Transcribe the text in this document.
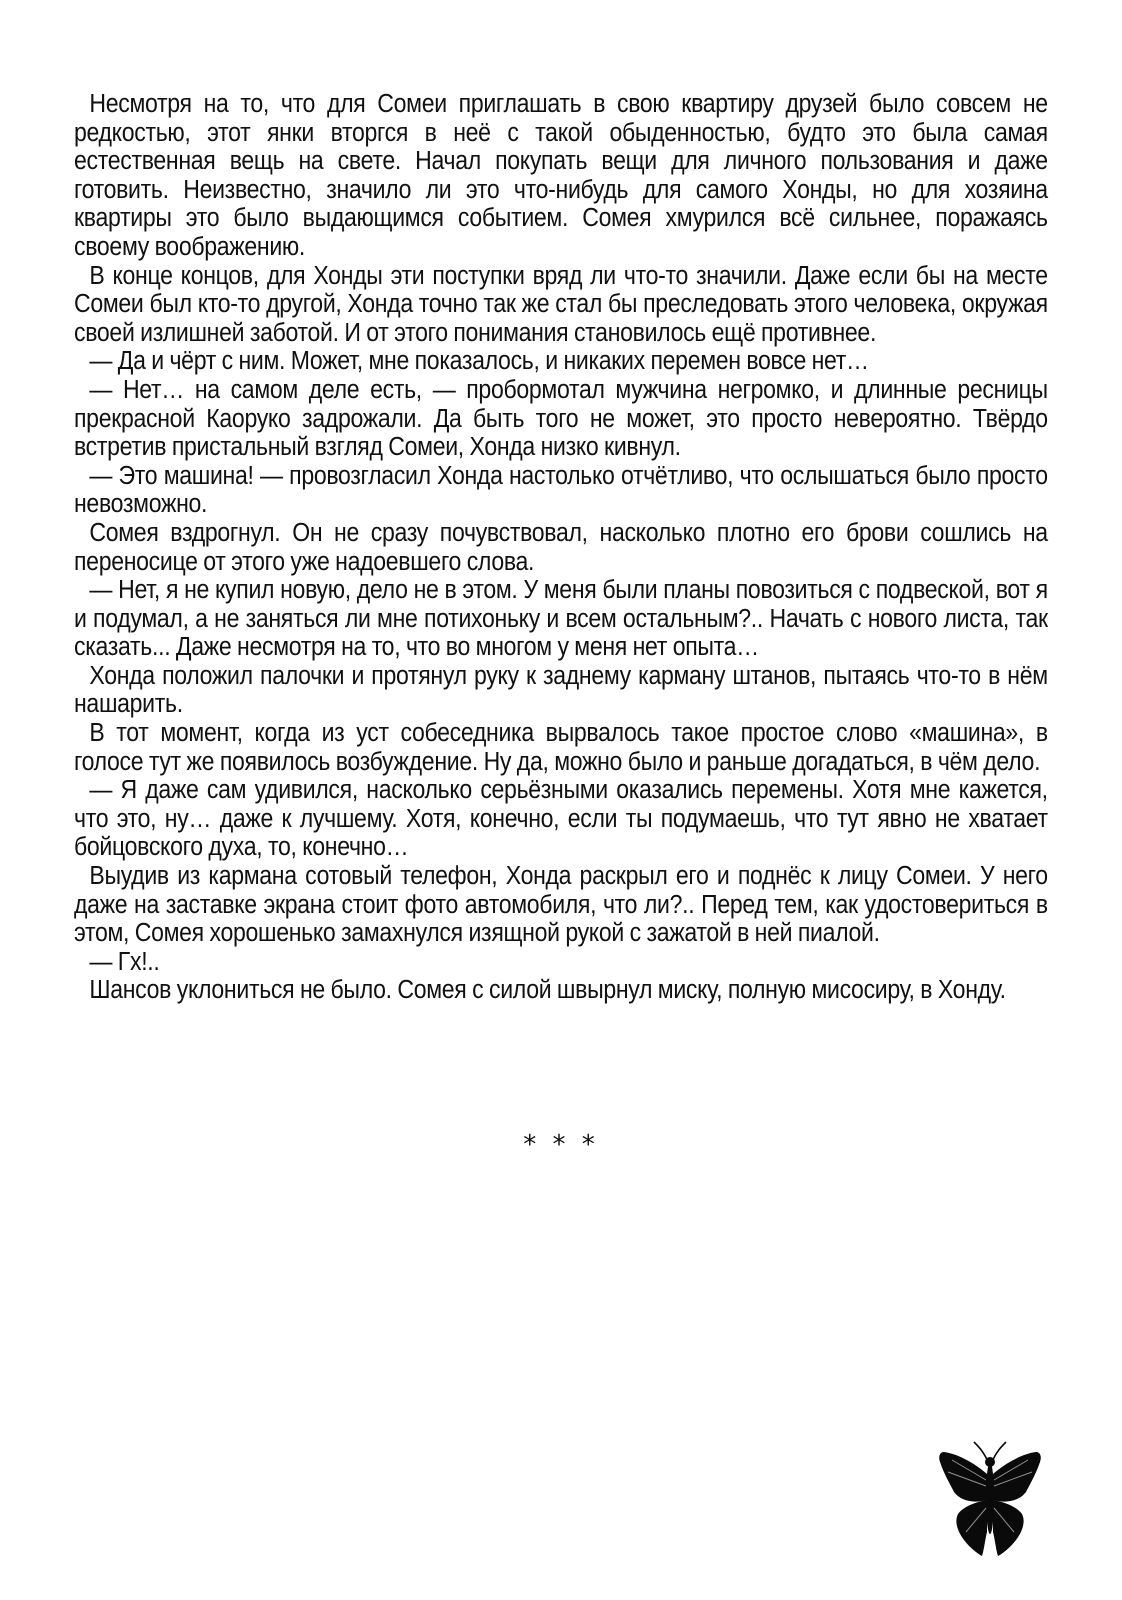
Несмотря на то, что для Сомеи приглашать в свою квартиру друзей было совсем не редкостью, этот янки вторгся в неё с такой обыденностью, будто это была самая естественная вещь на свете. Начал покупать вещи для личного пользования и даже готовить. Неизвестно, значило ли это что-нибудь для самого Хонды, но для хозяина квартиры это было выдающимся событием. Сомея хмурился всё сильнее, поражаясь своему воображению.

В конце концов, для Хонды эти поступки вряд ли что-то значили. Даже если бы на месте Сомеи был кто-то другой, Хонда точно так же стал бы преследовать этого человека, окружая своей излишней заботой. И от этого понимания становилось ещё противнее.

— Да и чёрт с ним. Может, мне показалось, и никаких перемен вовсе нет…

— Нет… на самом деле есть, — пробормотал мужчина негромко, и длинные ресницы прекрасной Каоруко задрожали. Да быть того не может, это просто невероятно. Твёрдо встретив пристальный взгляд Сомеи, Хонда низко кивнул.

— Это машина! — провозгласил Хонда настолько отчётливо, что ослышаться было просто невозможно.

Сомея вздрогнул. Он не сразу почувствовал, насколько плотно его брови сошлись на переносице от этого уже надоевшего слова.

— Нет, я не купил новую, дело не в этом. У меня были планы повозиться с подвеской, вот я и подумал, а не заняться ли мне потихоньку и всем остальным?.. Начать с нового листа, так сказать... Даже несмотря на то, что во многом у меня нет опыта…

Хонда положил палочки и протянул руку к заднему карману штанов, пытаясь что-то в нём нашарить.

В тот момент, когда из уст собеседника вырвалось такое простое слово «машина», в голосе тут же появилось возбуждение. Ну да, можно было и раньше догадаться, в чём дело.

— Я даже сам удивился, насколько серьёзными оказались перемены. Хотя мне кажется, что это, ну… даже к лучшему. Хотя, конечно, если ты подумаешь, что тут явно не хватает бойцовского духа, то, конечно…

Выудив из кармана сотовый телефон, Хонда раскрыл его и поднёс к лицу Сомеи. У него даже на заставке экрана стоит фото автомобиля, что ли?.. Перед тем, как удостовериться в этом, Сомея хорошенько замахнулся изящной рукой с зажатой в ней пиалой.

— Гх!..

Шансов уклониться не было. Сомея с силой швырнул миску, полную мисосиру, в Хонду.

* * *
